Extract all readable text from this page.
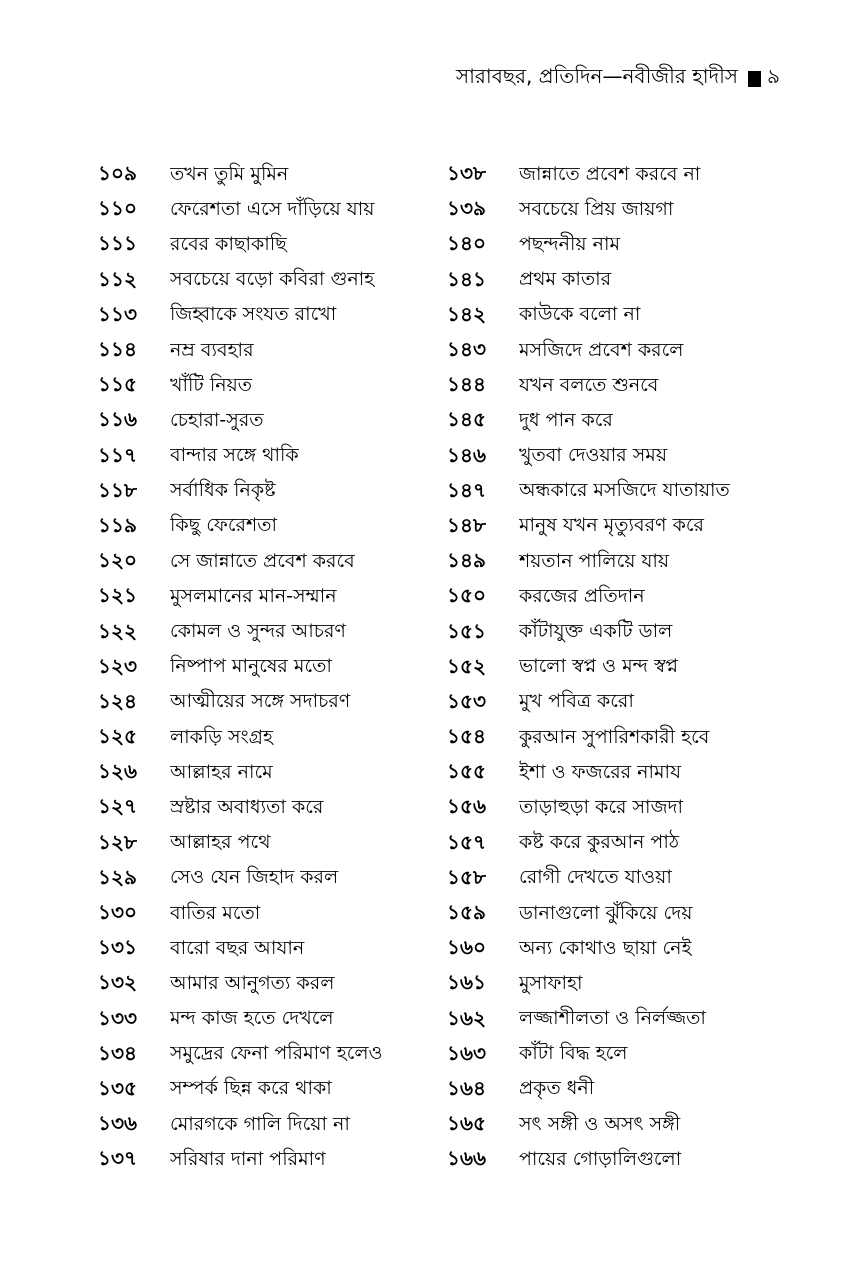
সারাবছর, প্রতিদিন—নবীজীর হাদীস ৯
১০৯	তখন তুমি মুমিন
১১০	ফেরেশতা এসে দাঁড়িয়ে যায়
১১১	রবের কাছাকাছি
১১২	সবচেয়ে বড়ো কবিরা গুনাহ
১১৩	জিহ্বাকে সংযত রাখো
১১৪	নম্র ব্যবহার
১১৫	খাঁটি নিয়ত
১১৬	চেহারা-সুরত
১১৭	বান্দার সঙ্গে থাকি
১১৮	সর্বাধিক নিকৃষ্ট
১১৯	কিছু ফেরেশতা
১২০	সে জান্নাতে প্রবেশ করবে
১২১	মুসলমানের মান-সম্মান
১২২	কোমল ও সুন্দর আচরণ
১২৩	নিষ্পাপ মানুষের মতো
১২৪	আত্মীয়ের সঙ্গে সদাচরণ
১২৫	লাকড়ি সংগ্রহ
১২৬	আল্লাহর নামে
১২৭	স্রষ্টার অবাধ্যতা করে
১২৮	আল্লাহর পথে
১২৯	সেও যেন জিহাদ করল
১৩০	বাতির মতো
১৩১	বারো বছর আযান
১৩২	আমার আনুগত্য করল
১৩৩	মন্দ কাজ হতে দেখলে
১৩৪	সমুদ্রের ফেনা পরিমাণ হলেও
১৩৫	সম্পর্ক ছিন্ন করে থাকা
১৩৬	মোরগকে গালি দিয়ো না
১৩৭	সরিষার দানা পরিমাণ
১৩৮	জান্নাতে প্রবেশ করবে না
১৩৯	সবচেয়ে প্রিয় জায়গা
১৪০	পছন্দনীয় নাম
১৪১	প্রথম কাতার
১৪২	কাউকে বলো না
১৪৩	মসজিদে প্রবেশ করলে
১৪৪	যখন বলতে শুনবে
১৪৫	দুধ পান করে
১৪৬	খুতবা দেওয়ার সময়
১৪৭	অন্ধকারে মসজিদে যাতায়াত
১৪৮	মানুষ যখন মৃত্যুবরণ করে
১৪৯	শয়তান পালিয়ে যায়
১৫০	করজের প্রতিদান
১৫১	কাঁটাযুক্ত একটি ডাল
১৫২	ভালো স্বপ্ন ও মন্দ স্বপ্ন
১৫৩	মুখ পবিত্র করো
১৫৪	কুরআন সুপারিশকারী হবে
১৫৫	ইশা ও ফজরের নামায
১৫৬	তাড়াহুড়া করে সাজদা
১৫৭	কষ্ট করে কুরআন পাঠ
১৫৮	রোগী দেখতে যাওয়া
১৫৯	ডানাগুলো ঝুঁকিয়ে দেয়
১৬০	অন্য কোথাও ছায়া নেই
১৬১	মুসাফাহা
১৬২	লজ্জাশীলতা ও নির্লজ্জতা
১৬৩	কাঁটা বিদ্ধ হলে
১৬৪	প্রকৃত ধনী
১৬৫	সৎ সঙ্গী ও অসৎ সঙ্গী
১৬৬	পায়ের গোড়ালিগুলো
